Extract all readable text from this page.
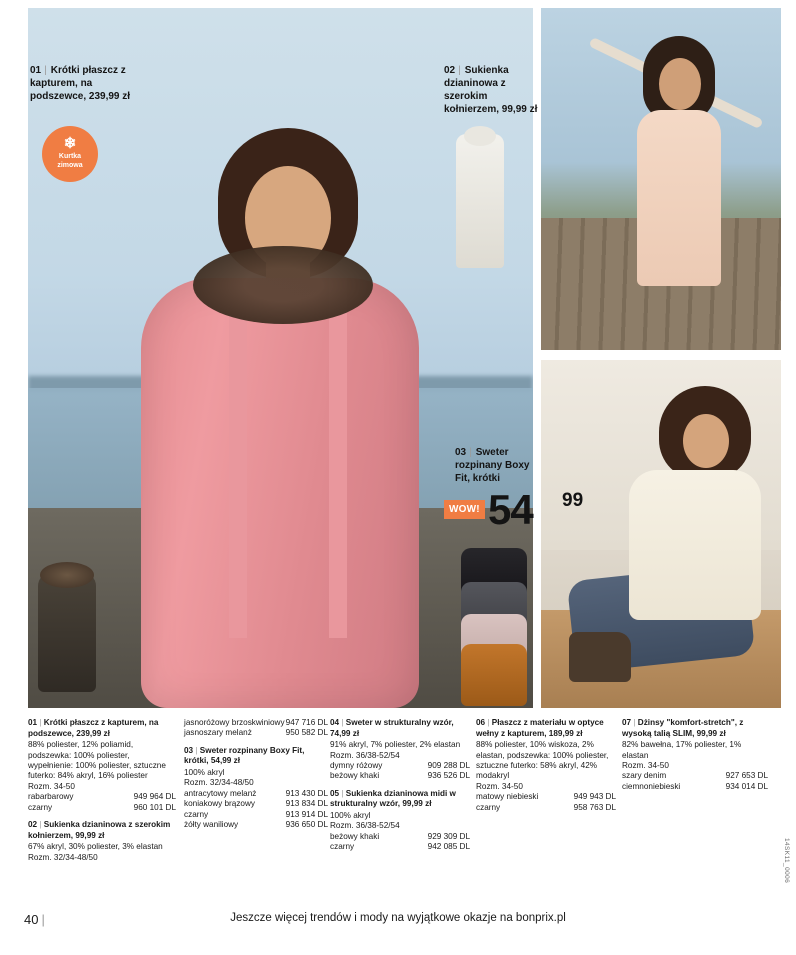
01 | Krótki płaszcz z kapturem, na podszewce, 239,99 zł
02 | Sukienka dzianinowa z szerokim kołnierzem, 99,99 zł
03 | Sweter rozpinany Boxy Fit, krótki
❄
Kurtka
zimowa
WOW! 54 99
01 | Krótki płaszcz z kapturem, na podszewce, 239,99 zł

88% poliester, 12% poliamid, podszewka: 100% poliester, wypełnienie: 100% poliester, sztuczne futerko: 84% akryl, 16% poliester

Rozm. 34-50

rabarbarowy	949 964 DL
czarny	960 101 DL
02 | Sukienka dzianinowa z szerokim kołnierzem, 99,99 zł

67% akryl, 30% poliester, 3% elastan

Rozm. 32/34-48/50

jasnoróżowy brzoskwiniowy 947 716 DL
jasnoszary melanż	950 582 DL
03 | Sweter rozpinany Boxy Fit, krótki, 54,99 zł

100% akryl

Rozm. 32/34-48/50

antracytowy melanż	913 430 DL
koniakowy brązowy	913 834 DL
czarny	913 914 DL
żółty waniliowy	936 650 DL
04 | Sweter w strukturalny wzór, 74,99 zł

91% akryl, 7% poliester, 2% elastan

Rozm. 36/38-52/54

dymny różowy	909 288 DL
beżowy khaki	936 526 DL
05 | Sukienka dzianinowa midi w strukturalny wzór, 99,99 zł

100% akryl

Rozm. 36/38-52/54

beżowy khaki	929 309 DL
czarny	942 085 DL
06 | Płaszcz z materiału w optyce wełny z kapturem, 189,99 zł

88% poliester, 10% wiskoza, 2% elastan, podszewka: 100% poliester, sztuczne futerko: 58% akryl, 42% modakryl

Rozm. 34-50

matowy niebieski	949 943 DL
czarny	958 763 DL
07 | Dżinsy "komfort-stretch", z wysoką talią SLIM, 99,99 zł

82% bawełna, 17% poliester, 1% elastan

Rozm. 34-50

szary denim	927 653 DL
ciemnoniebieski	934 014 DL
40 |	Jeszcze więcej trendów i mody na wyjątkowe okazje na bonprix.pl
14SK11_0006
